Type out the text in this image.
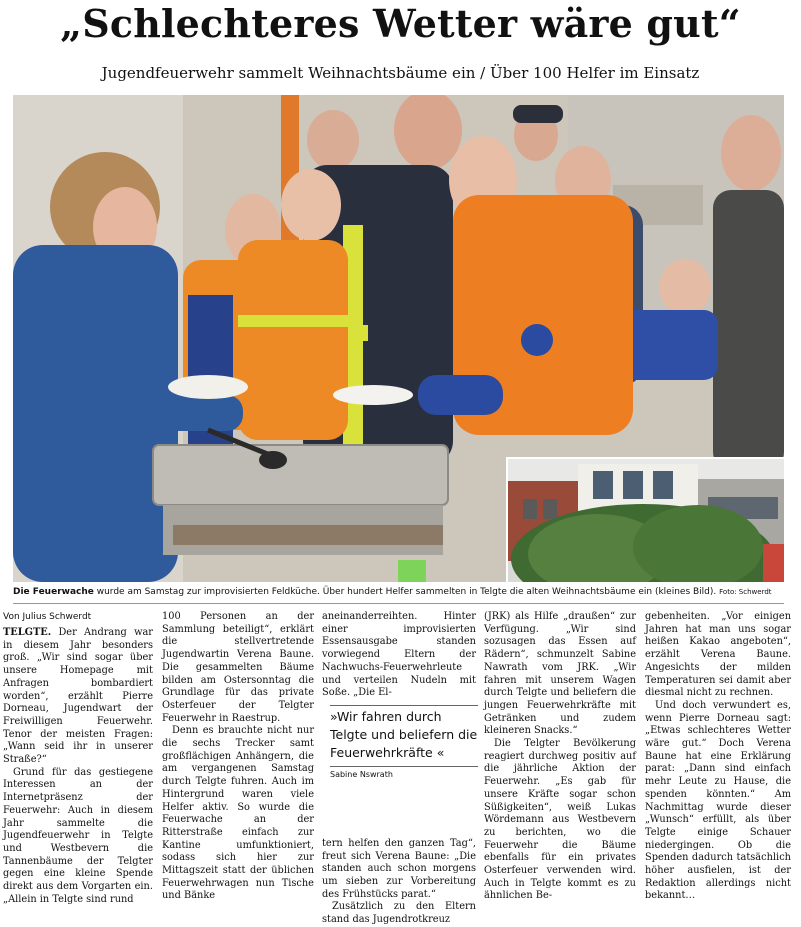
„Schlechteres Wetter wäre gut“
Jugendfeuerwehr sammelt Weihnachtsbäume ein / Über 100 Helfer im Einsatz
Die Feuerwache wurde am Samstag zur improvisierten Feldküche. Über hundert Helfer sammelten in Telgte die alten Weihnachtsbäume ein (kleines Bild). Foto: Schwerdt
Von Julius Schwerdt

TELGTE. Der Andrang war in diesem Jahr besonders groß. „Wir sind sogar über unsere Homepage mit Anfragen bombardiert worden“, erzählt Pierre Dorneau, Jugendwart der Freiwilligen Feuerwehr. Tenor der meisten Fragen: „Wann seid ihr in unserer Straße?“

Grund für das gestiegene Interessen an der Internetpräsenz der Feuerwehr: Auch in diesem Jahr sammelte die Jugendfeuerwehr in Telgte und Westbevern die Tannenbäume der Telgter gegen eine kleine Spende direkt aus dem Vorgarten ein. „Allein in Telgte sind rund

100 Personen an der Sammlung beteiligt“, erklärt die stellvertretende Jugendwartin Verena Baune. Die gesammelten Bäume bilden am Ostersonntag die Grundlage für das private Osterfeuer der Telgter Feuerwehr in Raestrup.

Denn es brauchte nicht nur die sechs Trecker samt großflächigen Anhängern, die am vergangenen Samstag durch Telgte fuhren. Auch im Hintergrund waren viele Helfer aktiv. So wurde die Feuerwache an der Ritterstraße einfach zur Kantine umfunktioniert, sodass sich hier zur Mittagszeit statt der üblichen Feuerwehrwagen nun Tische und Bänke

aneinanderreihten. Hinter einer improvisierten Essensausgabe standen vorwiegend Eltern der Nachwuchs-Feuerwehrleute und verteilen Nudeln mit Soße. „Die El-

tern helfen den ganzen Tag“, freut sich Verena Baune: „Die standen auch schon morgens um sieben zur Vorbereitung des Frühstücks parat.“

Zusätzlich zu den Eltern stand das Jugendrotkreuz

»Wir fahren durch Telgte und beliefern die Feuerwehrkräfte «
Sabine Nswrath

(JRK) als Hilfe „draußen“ zur Verfügung. „Wir sind sozusagen das Essen auf Rädern“, schmunzelt Sabine Nawrath vom JRK. „Wir fahren mit unserem Wagen durch Telgte und beliefern die jungen Feuerwehrkräfte mit Getränken und zudem kleineren Snacks.“

Die Telgter Bevölkerung reagiert durchweg positiv auf die jährliche Aktion der Feuerwehr. „Es gab für unsere Kräfte sogar schon Süßigkeiten“, weiß Lukas Wördemann aus Westbevern zu berichten, wo die Feuerwehr die Bäume ebenfalls für ein privates Osterfeuer verwenden wird. Auch in Telgte kommt es zu ähnlichen Be-

gebenheiten. „Vor einigen Jahren hat man uns sogar heißen Kakao angeboten“, erzählt Verena Baune. Angesichts der milden Temperaturen sei damit aber diesmal nicht zu rechnen.

Und doch verwundert es, wenn Pierre Dorneau sagt: „Etwas schlechteres Wetter wäre gut.“ Doch Verena Baune hat eine Erklärung parat: „Dann sind einfach mehr Leute zu Hause, die spenden könnten.“ Am Nachmittag wurde dieser „Wunsch“ erfüllt, als über Telgte einige Schauer niedergingen. Ob die Spenden dadurch tatsächlich höher ausfielen, ist der Redaktion allerdings nicht bekannt…
